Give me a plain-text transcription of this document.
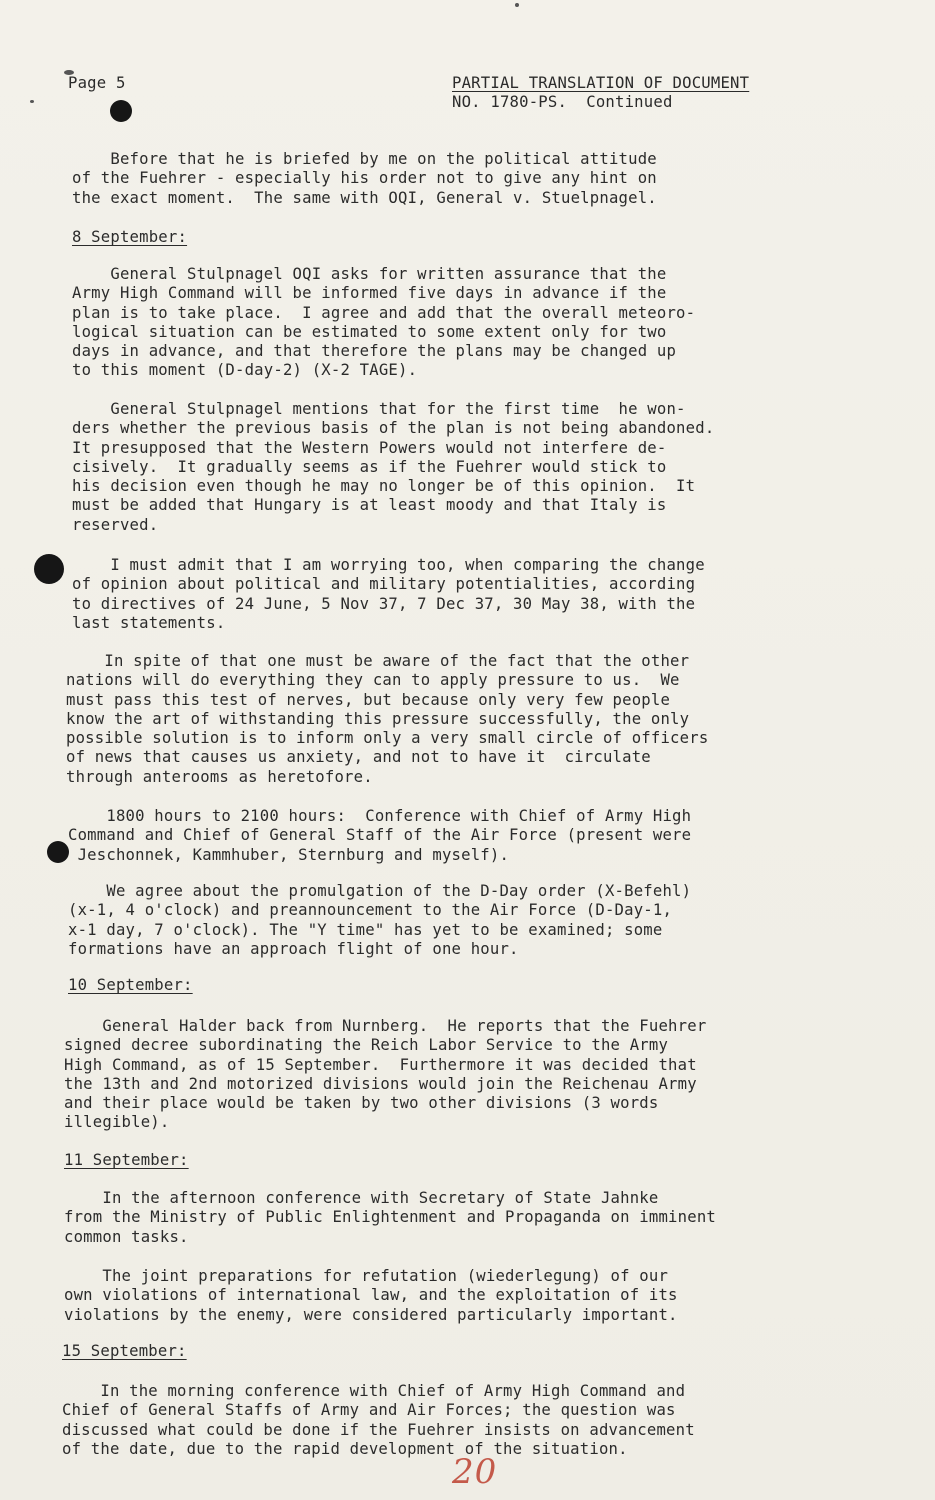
Page 5	PARTIAL TRANSLATION OF DOCUMENT
NO. 1780-PS.  Continued
Before that he is briefed by me on the political attitude
of the Fuehrer - especially his order not to give any hint on
the exact moment.  The same with OQI, General v. Stuelpnagel.
8 September:
General Stulpnagel OQI asks for written assurance that the
Army High Command will be informed five days in advance if the
plan is to take place.  I agree and add that the overall meteoro-
logical situation can be estimated to some extent only for two
days in advance, and that therefore the plans may be changed up
to this moment (D-day-2) (X-2 TAGE).
General Stulpnagel mentions that for the first time  he won-
ders whether the previous basis of the plan is not being abandoned.
It presupposed that the Western Powers would not interfere de-
cisively.  It gradually seems as if the Fuehrer would stick to
his decision even though he may no longer be of this opinion.  It
must be added that Hungary is at least moody and that Italy is
reserved.
I must admit that I am worrying too, when comparing the change
of opinion about political and military potentialities, according
to directives of 24 June, 5 Nov 37, 7 Dec 37, 30 May 38, with the
last statements.
In spite of that one must be aware of the fact that the other
nations will do everything they can to apply pressure to us.  We
must pass this test of nerves, but because only very few people
know the art of withstanding this pressure successfully, the only
possible solution is to inform only a very small circle of officers
of news that causes us anxiety, and not to have it  circulate
through anterooms as heretofore.
1800 hours to 2100 hours:  Conference with Chief of Army High
Command and Chief of General Staff of the Air Force (present were
Jeschonnek, Kammhuber, Sternburg and myself).
We agree about the promulgation of the D-Day order (X-Befehl)
(x-1, 4 o'clock) and preannouncement to the Air Force (D-Day-1,
x-1 day, 7 o'clock). The "Y time" has yet to be examined; some
formations have an approach flight of one hour.
10 September:
General Halder back from Nurnberg.  He reports that the Fuehrer
signed decree subordinating the Reich Labor Service to the Army
High Command, as of 15 September.  Furthermore it was decided that
the 13th and 2nd motorized divisions would join the Reichenau Army
and their place would be taken by two other divisions (3 words
illegible).
11 September:
In the afternoon conference with Secretary of State Jahnke
from the Ministry of Public Enlightenment and Propaganda on imminent
common tasks.
The joint preparations for refutation (wiederlegung) of our
own violations of international law, and the exploitation of its
violations by the enemy, were considered particularly important.
15 September:
In the morning conference with Chief of Army High Command and
Chief of General Staffs of Army and Air Forces; the question was
discussed what could be done if the Fuehrer insists on advancement
of the date, due to the rapid development of the situation.
20
